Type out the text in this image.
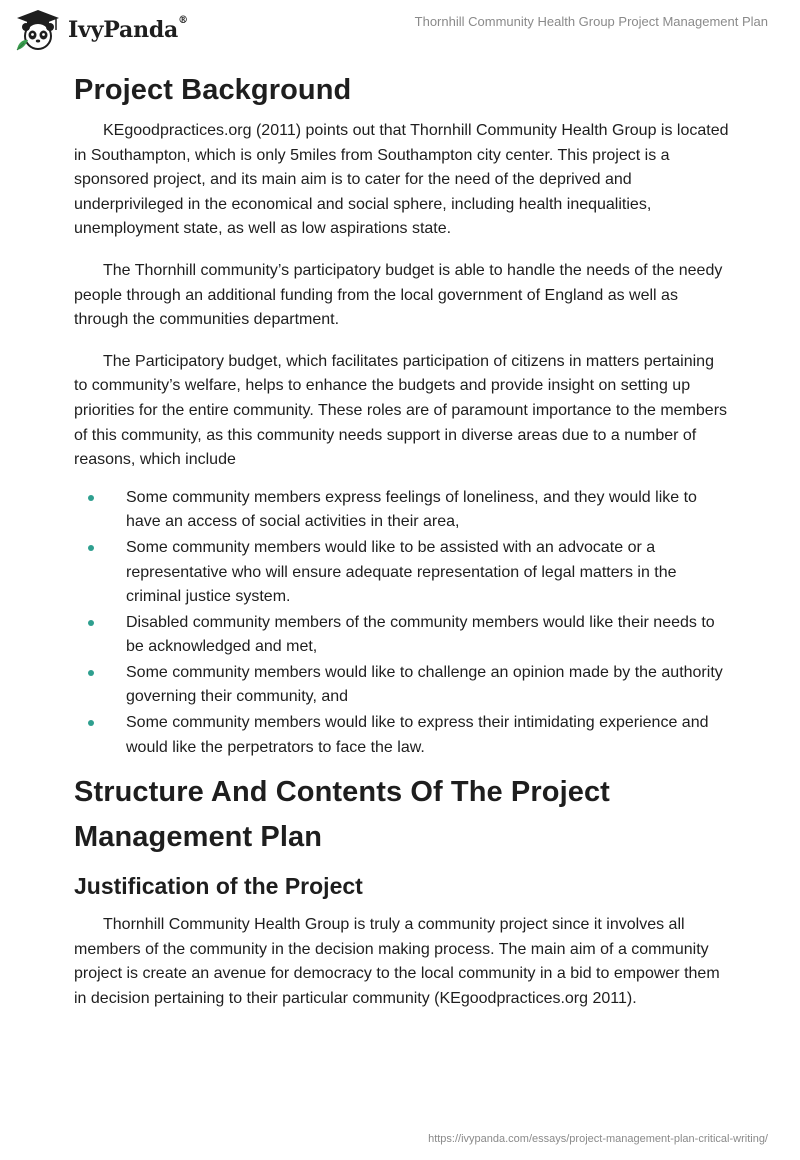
IvyPanda®	Thornhill Community Health Group Project Management Plan
Project Background

KEgoodpractices.org (2011) points out that Thornhill Community Health Group is located in Southampton, which is only 5miles from Southampton city center. This project is a sponsored project, and its main aim is to cater for the need of the deprived and underprivileged in the economical and social sphere, including health inequalities, unemployment state, as well as low aspirations state.

The Thornhill community’s participatory budget is able to handle the needs of the needy people through an additional funding from the local government of England as well as through the communities department.

The Participatory budget, which facilitates participation of citizens in matters pertaining to community’s welfare, helps to enhance the budgets and provide insight on setting up priorities for the entire community. These roles are of paramount importance to the members of this community, as this community needs support in diverse areas due to a number of reasons, which include

Some community members express feelings of loneliness, and they would like to have an access of social activities in their area,
Some community members would like to be assisted with an advocate or a representative who will ensure adequate representation of legal matters in the criminal justice system.
Disabled community members of the community members would like their needs to be acknowledged and met,
Some community members would like to challenge an opinion made by the authority governing their community, and
Some community members would like to express their intimidating experience and would like the perpetrators to face the law.
Structure And Contents Of The Project Management Plan
Justification of the Project

Thornhill Community Health Group is truly a community project since it involves all members of the community in the decision making process. The main aim of a community project is create an avenue for democracy to the local community in a bid to empower them in decision pertaining to their particular community (KEgoodpractices.org 2011).

https://ivypanda.com/essays/project-management-plan-critical-writing/
